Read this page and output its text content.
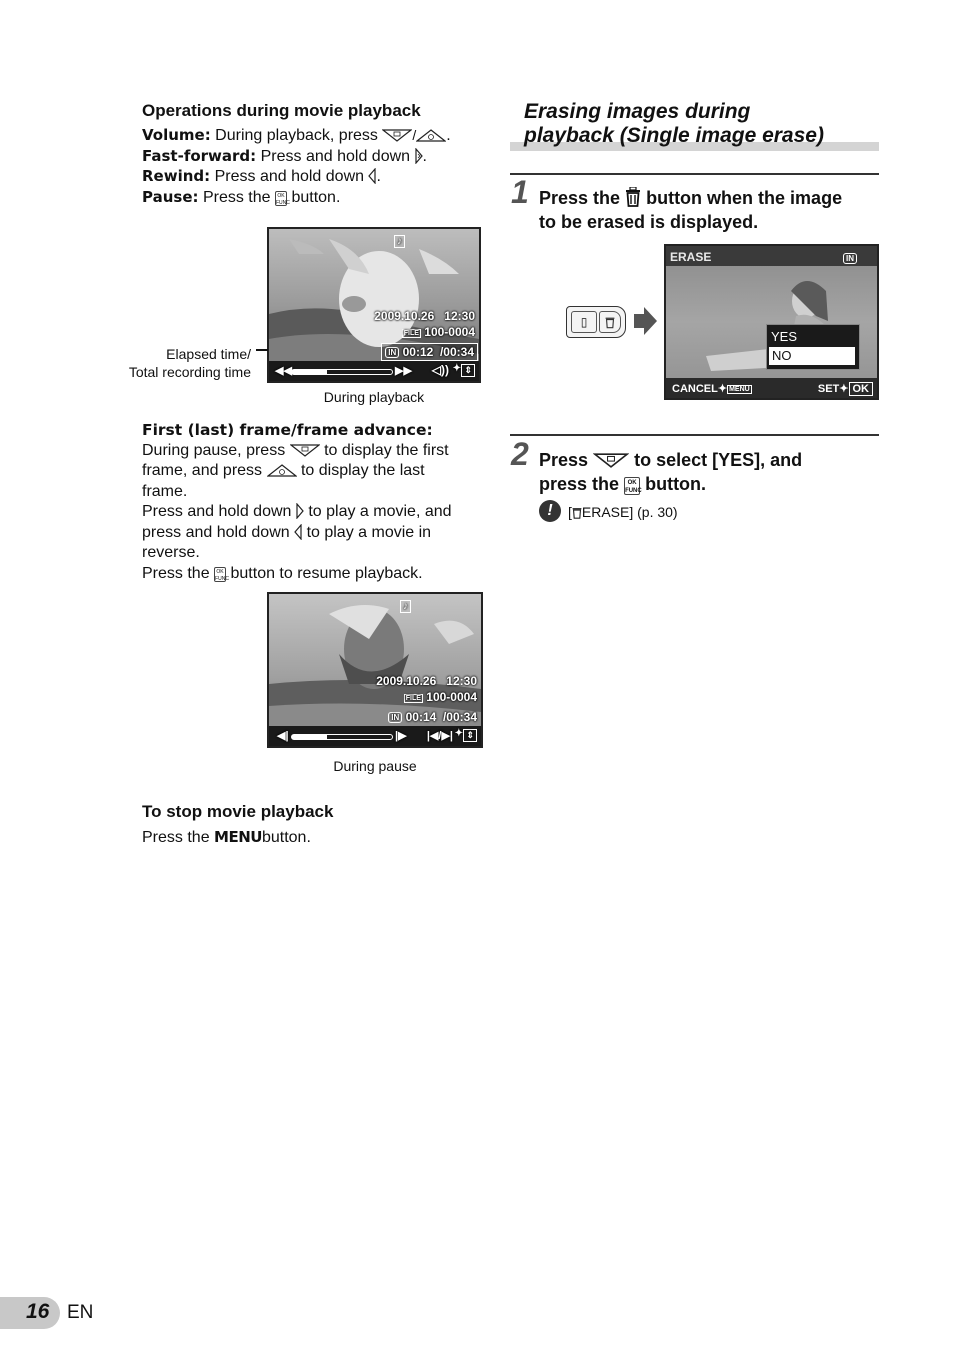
Operations during movie playback
Volume: During playback, press / .
Fast-forward: Press and hold down .
Rewind: Press and hold down .
Pause: Press the OK
FUNC button.
♪
2009.10.26 12:30
FILE 100-0004
IN 00:12 /00:34
◀◀	▶▶ ◁)) ✦ ⇕
Elapsed time/
Total recording time
During playback
First (last) frame/frame advance:
During pause, press to display the first
frame, and press to display the last
frame.
Press and hold down to play a movie, and
press and hold down to play a movie in
reverse.
Press the OK
FUNC button to resume playback.
♪
2009.10.26 12:30
FILE 100-0004
IN 00:14 /00:34
◀|	|▶ |◀/▶| ✦ ⇕
During pause
To stop movie playback
Press the MENUbutton.
Erasing images during
playback (Single image erase)
1 Press the button when the image
to be erased is displayed.
▯
ERASE	IN
YES
NO
CANCEL✦ MENU	SET✦ OK
2 Press	to select [YES], and
press the OK
FUNC button.
!	[ ERASE] (p. 30)
16 EN
